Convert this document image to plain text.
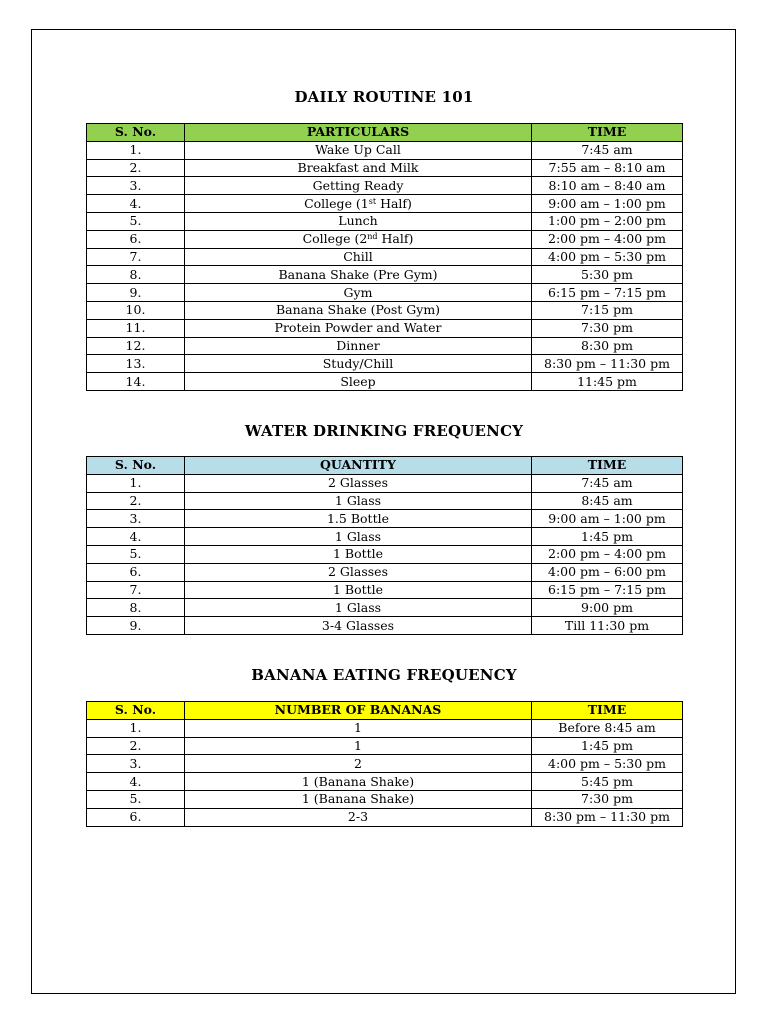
DAILY ROUTINE 101
S. No.	PARTICULARS	TIME
1.	Wake Up Call	7:45 am
2.	Breakfast and Milk	7:55 am – 8:10 am
3.	Getting Ready	8:10 am – 8:40 am
4.	College (1st Half)	9:00 am – 1:00 pm
5.	Lunch	1:00 pm – 2:00 pm
6.	College (2nd Half)	2:00 pm – 4:00 pm
7.	Chill	4:00 pm – 5:30 pm
8.	Banana Shake (Pre Gym)	5:30 pm
9.	Gym	6:15 pm – 7:15 pm
10.	Banana Shake (Post Gym)	7:15 pm
11.	Protein Powder and Water	7:30 pm
12.	Dinner	8:30 pm
13.	Study/Chill	8:30 pm – 11:30 pm
14.	Sleep	11:45 pm
WATER DRINKING FREQUENCY
S. No.	QUANTITY	TIME
1.	2 Glasses	7:45 am
2.	1 Glass	8:45 am
3.	1.5 Bottle	9:00 am – 1:00 pm
4.	1 Glass	1:45 pm
5.	1 Bottle	2:00 pm – 4:00 pm
6.	2 Glasses	4:00 pm – 6:00 pm
7.	1 Bottle	6:15 pm – 7:15 pm
8.	1 Glass	9:00 pm
9.	3-4 Glasses	Till 11:30 pm
BANANA EATING FREQUENCY
S. No.	NUMBER OF BANANAS	TIME
1.	1	Before 8:45 am
2.	1	1:45 pm
3.	2	4:00 pm – 5:30 pm
4.	1 (Banana Shake)	5:45 pm
5.	1 (Banana Shake)	7:30 pm
6.	2-3	8:30 pm – 11:30 pm
